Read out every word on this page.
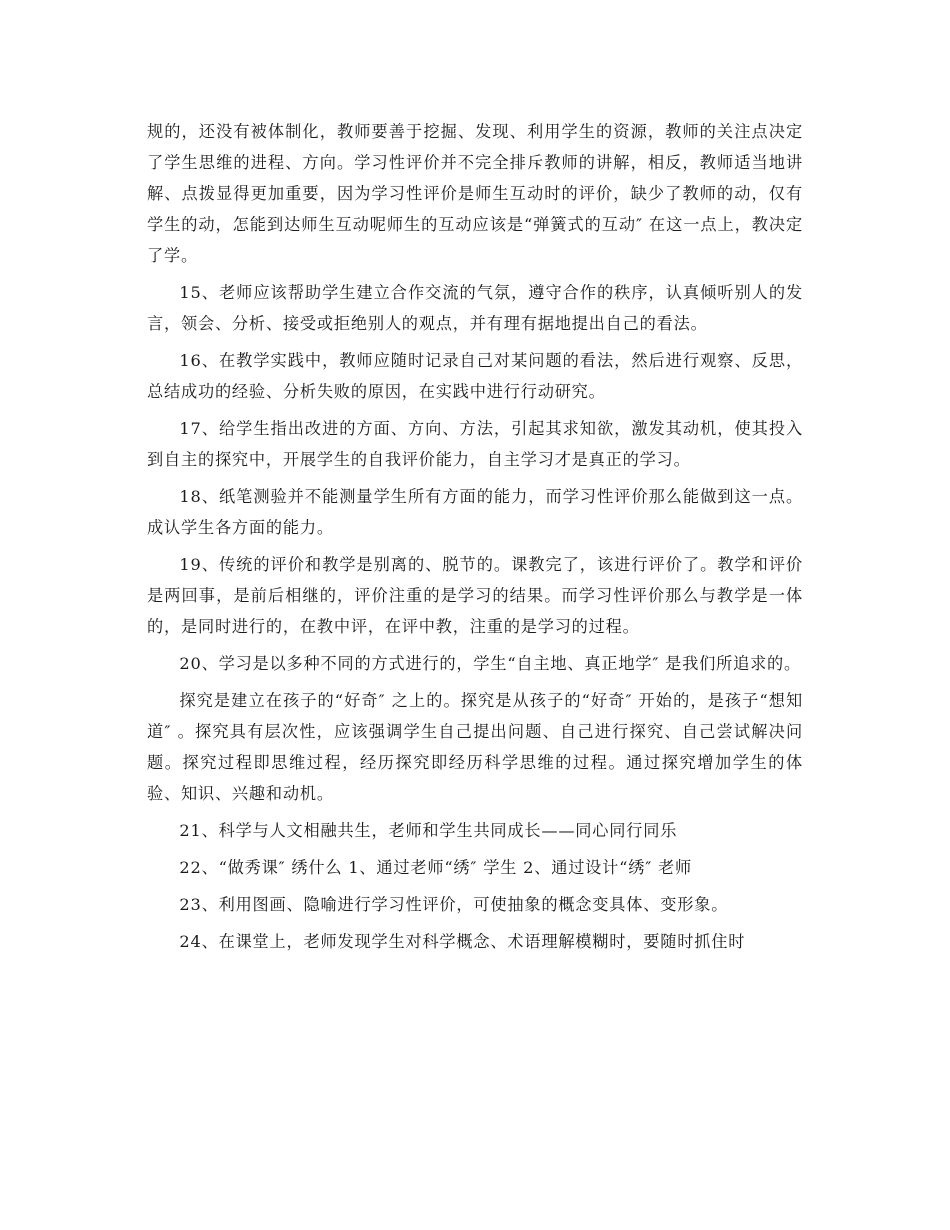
规的，还没有被体制化，教师要善于挖掘、发现、利用学生的资源，教师的关注点决定了学生思维的进程、方向。学习性评价并不完全排斥教师的讲解，相反，教师适当地讲解、点拨显得更加重要，因为学习性评价是师生互动时的评价，缺少了教师的动，仅有学生的动，怎能到达师生互动呢师生的互动应该是“弹簧式的互动″ 在这一点上，教决定了学。

15、老师应该帮助学生建立合作交流的气氛，遵守合作的秩序，认真倾听别人的发言，领会、分析、接受或拒绝别人的观点，并有理有据地提出自己的看法。

16、在教学实践中，教师应随时记录自己对某问题的看法，然后进行观察、反思，总结成功的经验、分析失败的原因，在实践中进行行动研究。

17、给学生指出改进的方面、方向、方法，引起其求知欲，激发其动机，使其投入到自主的探究中，开展学生的自我评价能力，自主学习才是真正的学习。

18、纸笔测验并不能测量学生所有方面的能力，而学习性评价那么能做到这一点。成认学生各方面的能力。

19、传统的评价和教学是别离的、脱节的。课教完了，该进行评价了。教学和评价是两回事，是前后相继的，评价注重的是学习的结果。而学习性评价那么与教学是一体的，是同时进行的，在教中评，在评中教，注重的是学习的过程。

20、学习是以多种不同的方式进行的，学生“自主地、真正地学″ 是我们所追求的。

探究是建立在孩子的“好奇″ 之上的。探究是从孩子的“好奇″ 开始的，是孩子“想知道″ 。探究具有层次性，应该强调学生自己提出问题、自己进行探究、自己尝试解决问题。探究过程即思维过程，经历探究即经历科学思维的过程。通过探究增加学生的体验、知识、兴趣和动机。

21、科学与人文相融共生，老师和学生共同成长——同心同行同乐

22、“做秀课″ 绣什么 1、通过老师“绣″ 学生 2、通过设计“绣″ 老师

23、利用图画、隐喻进行学习性评价，可使抽象的概念变具体、变形象。

24、在课堂上，老师发现学生对科学概念、术语理解模糊时，要随时抓住时
